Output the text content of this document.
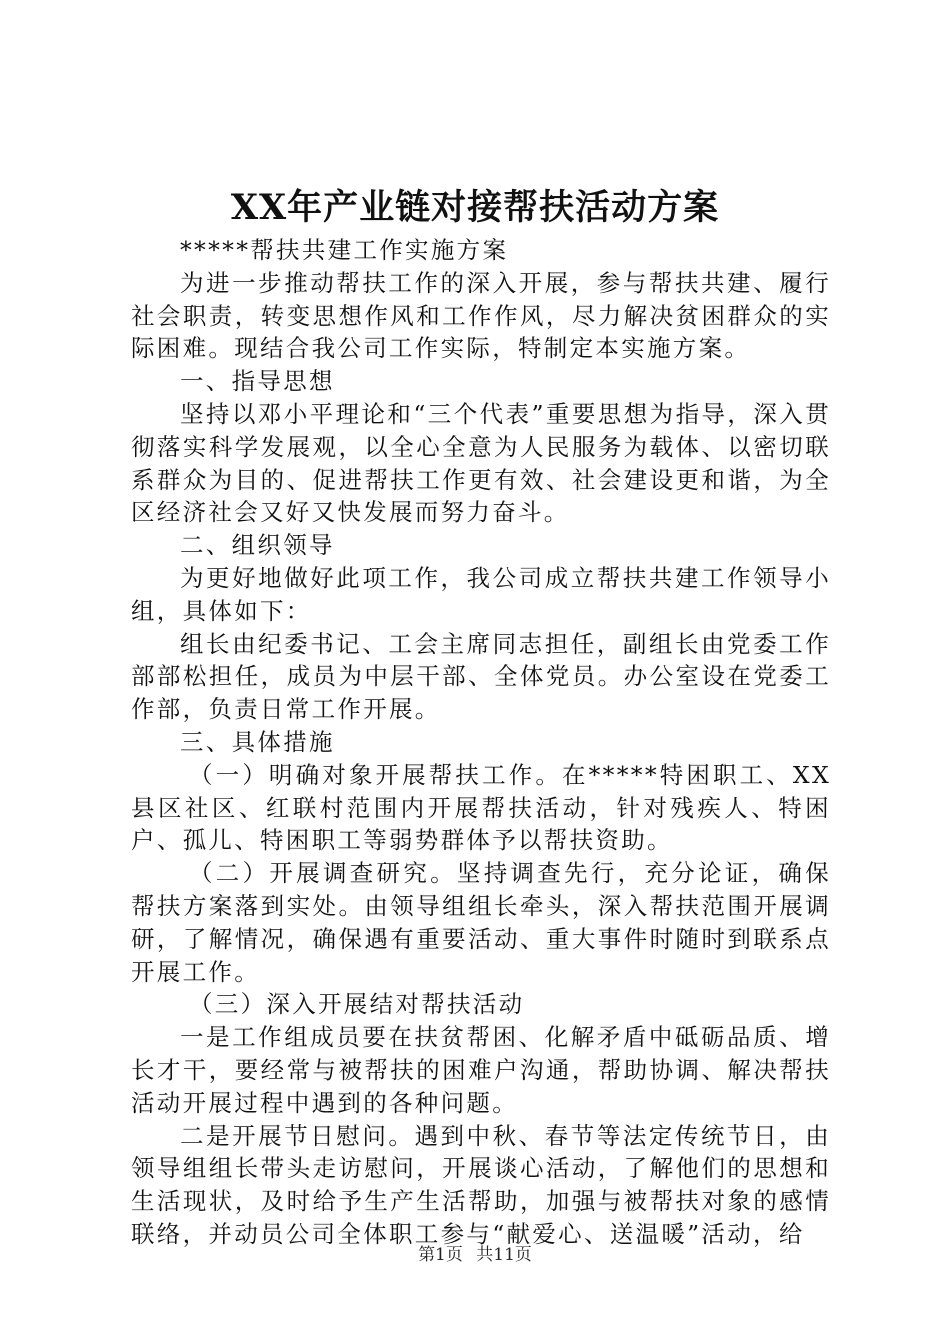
XX年产业链对接帮扶活动方案

*****帮扶共建工作实施方案

为进一步推动帮扶工作的深入开展，参与帮扶共建、履行社会职责，转变思想作风和工作作风，尽力解决贫困群众的实际困难。现结合我公司工作实际，特制定本实施方案。

一、指导思想

坚持以邓小平理论和“三个代表”重要思想为指导，深入贯彻落实科学发展观，以全心全意为人民服务为载体、以密切联系群众为目的、促进帮扶工作更有效、社会建设更和谐，为全区经济社会又好又快发展而努力奋斗。

二、组织领导

为更好地做好此项工作，我公司成立帮扶共建工作领导小组，具体如下：

组长由纪委书记、工会主席同志担任，副组长由党委工作部部松担任，成员为中层干部、全体党员。办公室设在党委工作部，负责日常工作开展。

三、具体措施

（一）明确对象开展帮扶工作。在*****特困职工、XX县区社区、红联村范围内开展帮扶活动，针对残疾人、特困户、孤儿、特困职工等弱势群体予以帮扶资助。

（二）开展调查研究。坚持调查先行，充分论证，确保帮扶方案落到实处。由领导组组长牵头，深入帮扶范围开展调研，了解情况，确保遇有重要活动、重大事件时随时到联系点开展工作。

（三）深入开展结对帮扶活动

一是工作组成员要在扶贫帮困、化解矛盾中砥砺品质、增长才干，要经常与被帮扶的困难户沟通，帮助协调、解决帮扶活动开展过程中遇到的各种问题。

二是开展节日慰问。遇到中秋、春节等法定传统节日，由领导组组长带头走访慰问，开展谈心活动，了解他们的思想和生活现状，及时给予生产生活帮助，加强与被帮扶对象的感情联络，并动员公司全体职工参与“献爱心、送温暖”活动，给

第1页 共11页
